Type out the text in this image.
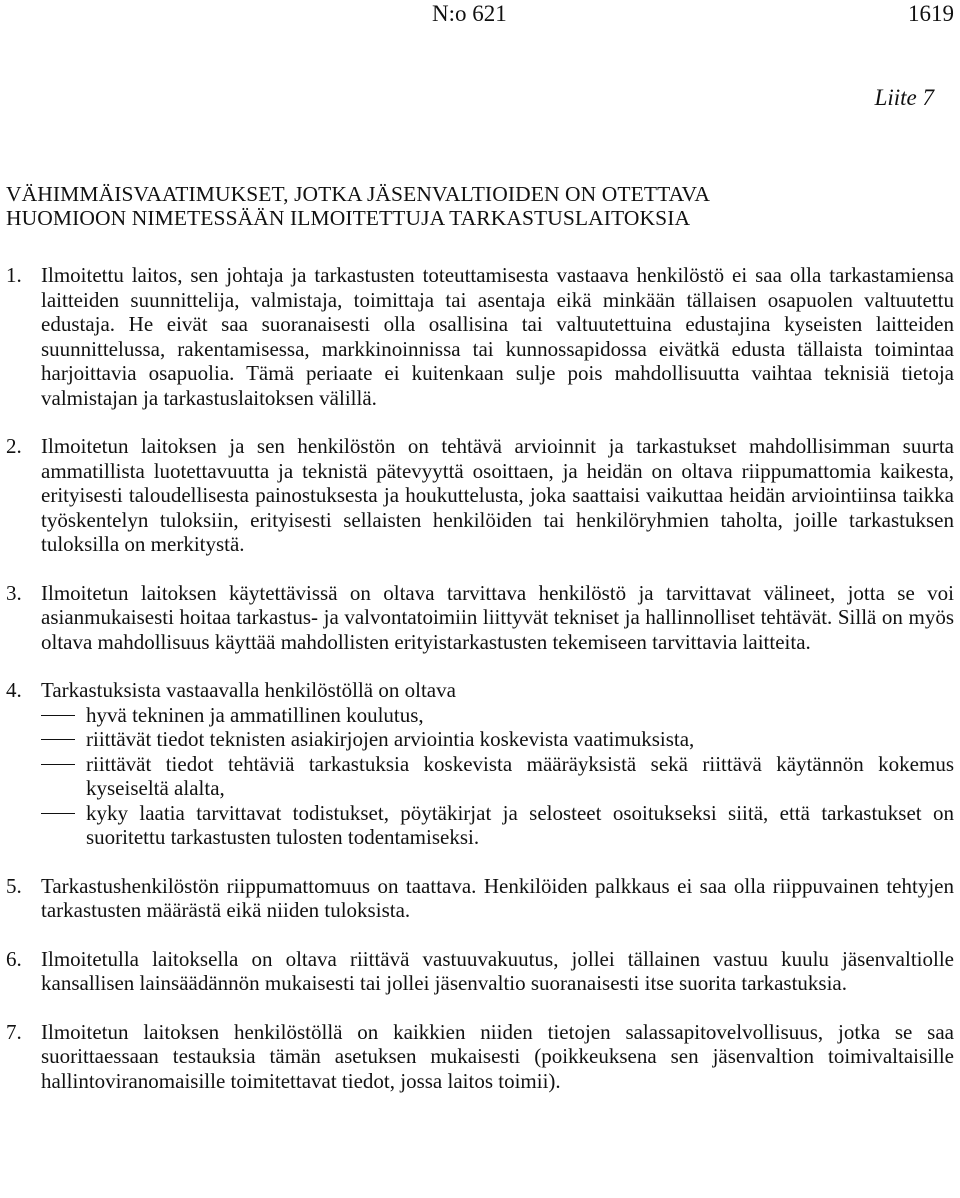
N:o 621	1619
Liite 7
VÄHIMMÄISVAATIMUKSET, JOTKA JÄSENVALTIOIDEN ON OTETTAVA
HUOMIOON NIMETESSÄÄN ILMOITETTUJA TARKASTUSLAITOKSIA
1. Ilmoitettu laitos, sen johtaja ja tarkastusten toteuttamisesta vastaava henkilöstö ei saa olla tarkastamiensa laitteiden suunnittelija, valmistaja, toimittaja tai asentaja eikä minkään tällaisen osapuolen valtuutettu edustaja. He eivät saa suoranaisesti olla osallisina tai valtuutettuina edustajina kyseisten laitteiden suunnittelussa, rakentamisessa, markkinoinnissa tai kunnossapidossa eivätkä edusta tällaista toimintaa harjoittavia osapuolia. Tämä periaate ei kuitenkaan sulje pois mahdollisuutta vaihtaa teknisiä tietoja valmistajan ja tarkastuslaitoksen välillä.
2. Ilmoitetun laitoksen ja sen henkilöstön on tehtävä arvioinnit ja tarkastukset mahdollisimman suurta ammatillista luotettavuutta ja teknistä pätevyyttä osoittaen, ja heidän on oltava riippumattomia kaikesta, erityisesti taloudellisesta painostuksesta ja houkuttelusta, joka saattaisi vaikuttaa heidän arviointiinsa taikka työskentelyn tuloksiin, erityisesti sellaisten henkilöiden tai henkilöryhmien taholta, joille tarkastuksen tuloksilla on merkitystä.
3. Ilmoitetun laitoksen käytettävissä on oltava tarvittava henkilöstö ja tarvittavat välineet, jotta se voi asianmukaisesti hoitaa tarkastus- ja valvontatoimiin liittyvät tekniset ja hallinnolliset tehtävät. Sillä on myös oltava mahdollisuus käyttää mahdollisten erityistarkastusten tekemiseen tarvittavia laitteita.
4. Tarkastuksista vastaavalla henkilöstöllä on oltava
hyvä tekninen ja ammatillinen koulutus,
riittävät tiedot teknisten asiakirjojen arviointia koskevista vaatimuksista,
riittävät tiedot tehtäviä tarkastuksia koskevista määräyksistä sekä riittävä käytännön kokemus kyseiseltä alalta,
kyky laatia tarvittavat todistukset, pöytäkirjat ja selosteet osoitukseksi siitä, että tarkastukset on suoritettu tarkastusten tulosten todentamiseksi.
5. Tarkastushenkilöstön riippumattomuus on taattava. Henkilöiden palkkaus ei saa olla riippuvainen tehtyjen tarkastusten määrästä eikä niiden tuloksista.
6. Ilmoitetulla laitoksella on oltava riittävä vastuuvakuutus, jollei tällainen vastuu kuulu jäsenvaltiolle kansallisen lainsäädännön mukaisesti tai jollei jäsenvaltio suoranaisesti itse suorita tarkastuksia.
7. Ilmoitetun laitoksen henkilöstöllä on kaikkien niiden tietojen salassapitovelvollisuus, jotka se saa suorittaessaan testauksia tämän asetuksen mukaisesti (poikkeuksena sen jäsenvaltion toimivaltaisille hallintoviranomaisille toimitettavat tiedot, jossa laitos toimii).
